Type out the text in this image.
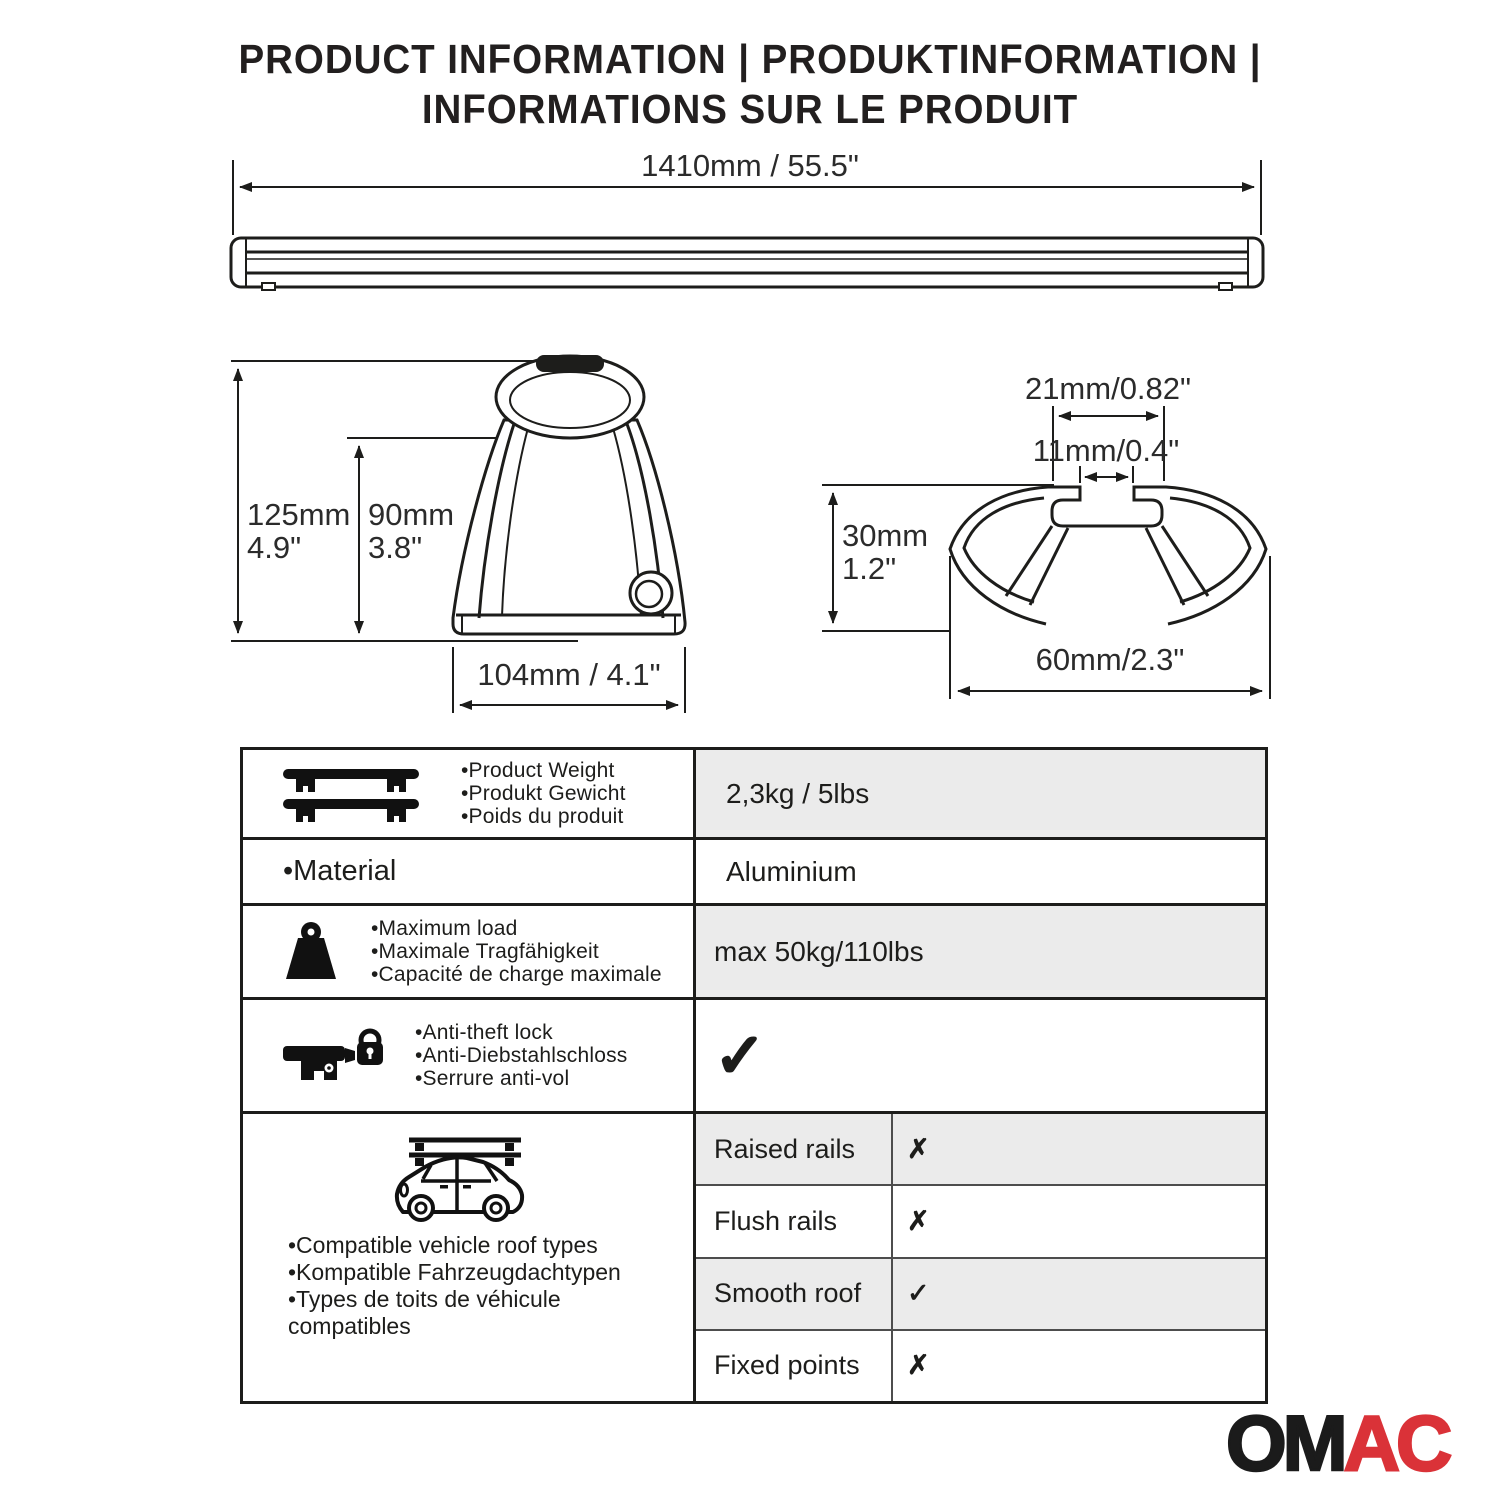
PRODUCT INFORMATION | PRODUKTINFORMATION |
INFORMATIONS SUR LE PRODUIT
1410mm / 55.5"
125mm
4.9"
90mm
3.8"
104mm / 4.1"
21mm/0.82"
11mm/0.4"
30mm
1.2"
60mm/2.3"
•Product Weight
•Produkt Gewicht
•Poids du produit
2,3kg / 5lbs
•Material	Aluminium
•Maximum load
•Maximale Tragfähigkeit
•Capacité de charge maximale
max 50kg/110lbs
•Anti-theft lock
•Anti-Diebstahlschloss
•Serrure anti-vol	✓
•Compatible vehicle roof types
•Kompatible Fahrzeugdachtypen
•Types de toits de véhicule
compatibles
Raised rails	✗
Flush rails	✗
Smooth roof	✓
Fixed points	✗
OMAC
